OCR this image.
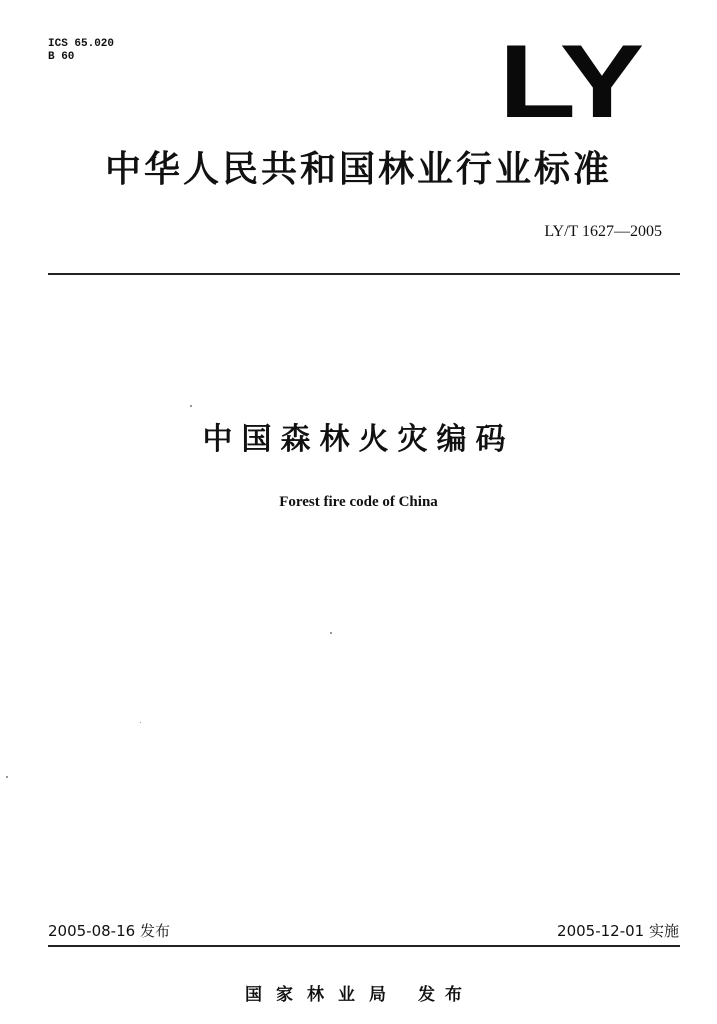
ICS 65.020
B 60	LY
中华人民共和国林业行业标准
LY/T 1627—2005
中国森林火灾编码
Forest fire code of China
2005-08-16 发布	2005-12-01 实施
国家林业局 发布
